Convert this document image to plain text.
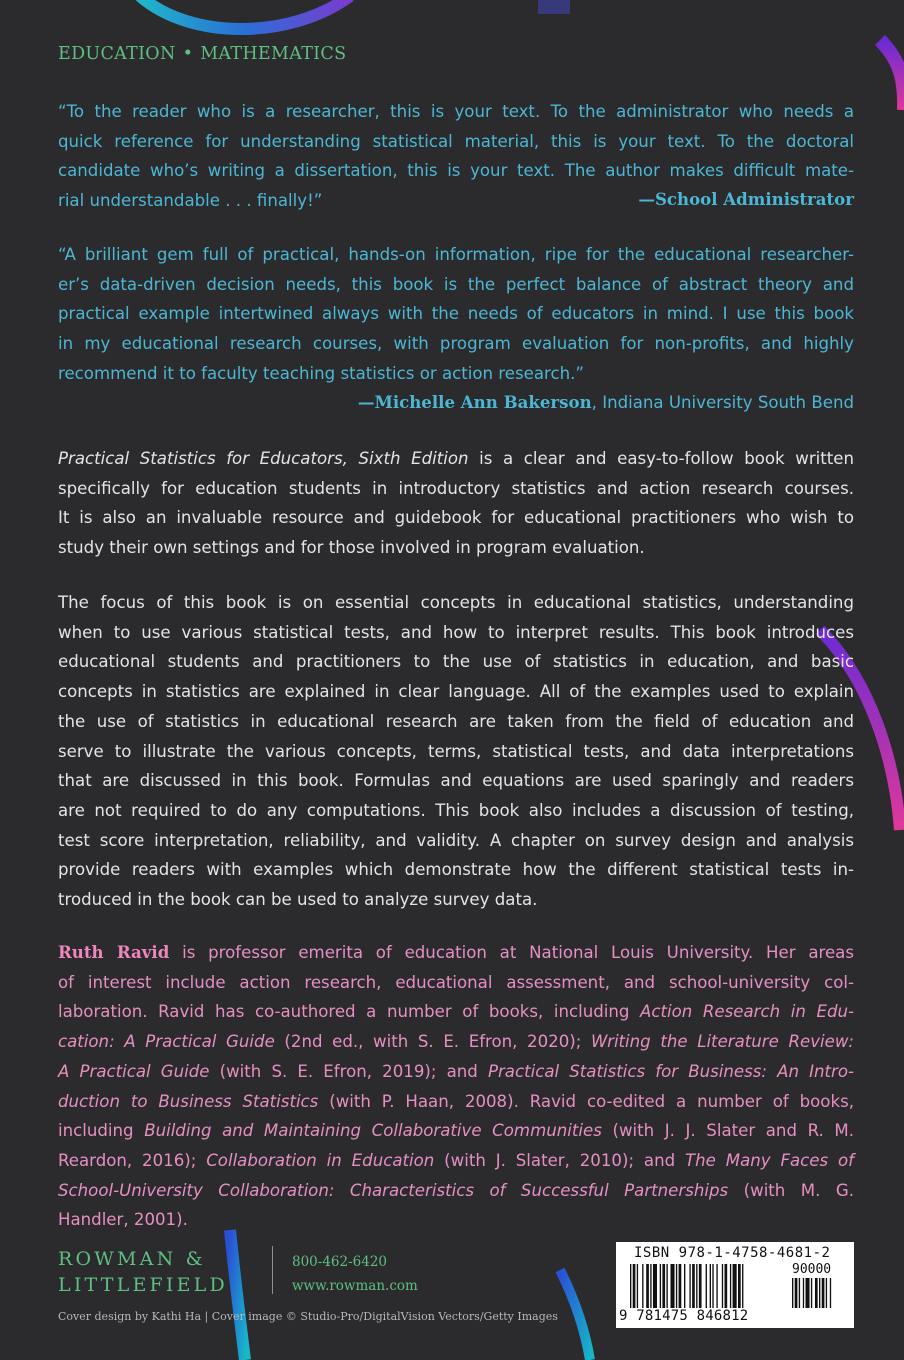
EDUCATION • MATHEMATICS
“To the reader who is a researcher, this is your text. To the administrator who needs a
quick reference for understanding statistical material, this is your text. To the doctoral
candidate who’s writing a dissertation, this is your text. The author makes difficult mate-
rial understandable . . . finally!”	—School Administrator
“A brilliant gem full of practical, hands-on information, ripe for the educational researcher-
er’s data-driven decision needs, this book is the perfect balance of abstract theory and
practical example intertwined always with the needs of educators in mind. I use this book
in my educational research courses, with program evaluation for non-profits, and highly
recommend it to faculty teaching statistics or action research.”
—Michelle Ann Bakerson, Indiana University South Bend
Practical Statistics for Educators, Sixth Edition is a clear and easy-to-follow book written
specifically for education students in introductory statistics and action research courses.
It is also an invaluable resource and guidebook for educational practitioners who wish to
study their own settings and for those involved in program evaluation.
The focus of this book is on essential concepts in educational statistics, understanding
when to use various statistical tests, and how to interpret results. This book introduces
educational students and practitioners to the use of statistics in education, and basic
concepts in statistics are explained in clear language. All of the examples used to explain
the use of statistics in educational research are taken from the field of education and
serve to illustrate the various concepts, terms, statistical tests, and data interpretations
that are discussed in this book. Formulas and equations are used sparingly and readers
are not required to do any computations. This book also includes a discussion of testing,
test score interpretation, reliability, and validity. A chapter on survey design and analysis
provide readers with examples which demonstrate how the different statistical tests in-
troduced in the book can be used to analyze survey data.
Ruth Ravid is professor emerita of education at National Louis University. Her areas
of interest include action research, educational assessment, and school-university col-
laboration. Ravid has co-authored a number of books, including Action Research in Edu-
cation: A Practical Guide (2nd ed., with S. E. Efron, 2020); Writing the Literature Review:
A Practical Guide (with S. E. Efron, 2019); and Practical Statistics for Business: An Intro-
duction to Business Statistics (with P. Haan, 2008). Ravid co-edited a number of books,
including Building and Maintaining Collaborative Communities (with J. J. Slater and R. M.
Reardon, 2016); Collaboration in Education (with J. Slater, 2010); and The Many Faces of
School-University Collaboration: Characteristics of Successful Partnerships (with M. G.
Handler, 2001).
ROWMAN &
LITTLEFIELD
800-462-6420
www.rowman.com
Cover design by Kathi Ha | Cover image © Studio-Pro/DigitalVision Vectors/Getty Images
ISBN 978-1-4758-4681-2
90000
9 781475 846812
